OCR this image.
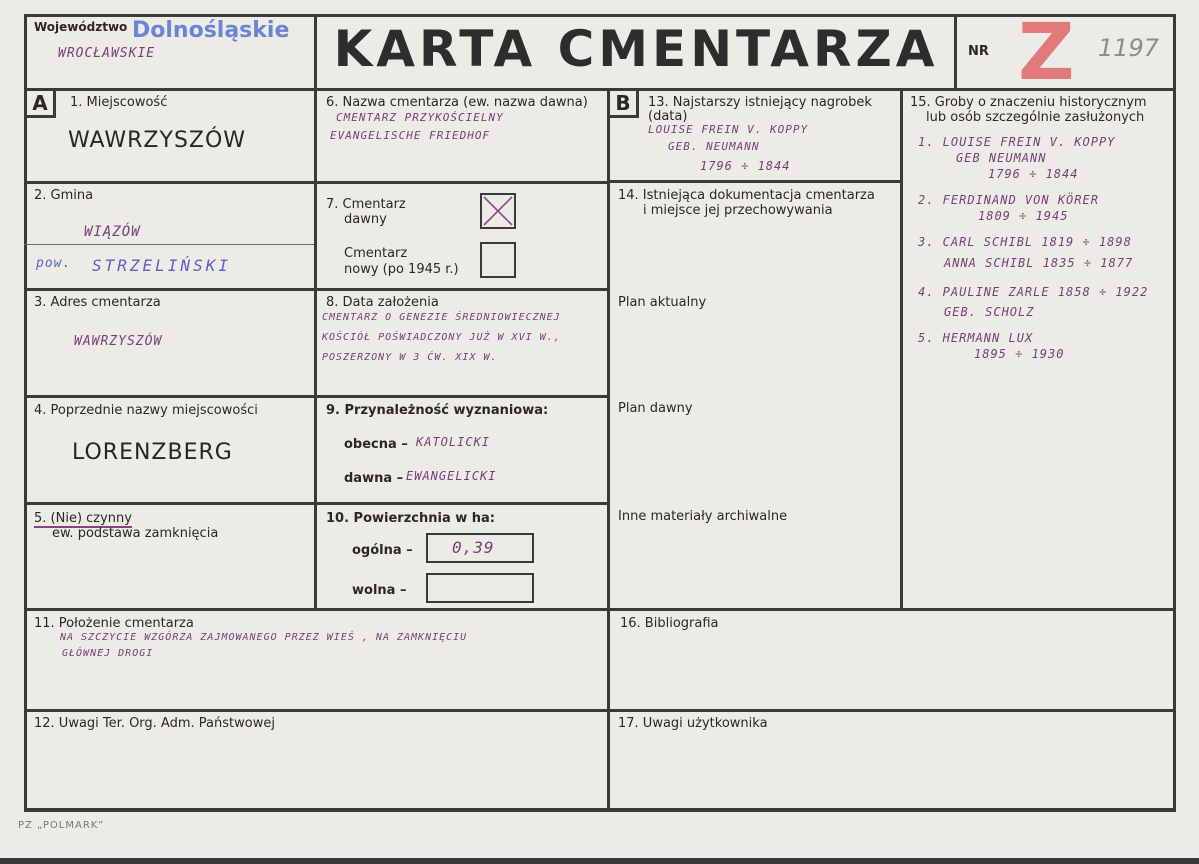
Województwo Dolnośląskie
WROCŁAWSKIE	KARTA CMENTARZA	NR Z 1197
A	1. Miejscowość
WAWRZYSZÓW
2. Gmina
WIĄZÓW
pow. STRZELIŃSKI
3. Adres cmentarza
WAWRZYSZÓW
4. Poprzednie nazwy miejscowości
LORENZBERG
5. (Nie) czynny
ew. podstawa zamknięcia
6. Nazwa cmentarza (ew. nazwa dawna)
CMENTARZ PRZYKOŚCIELNY
EVANGELISCHE FRIEDHOF
7. Cmentarz
dawny
Cmentarz
nowy (po 1945 r.)
8. Data założenia
CMENTARZ O GENEZIE ŚREDNIOWIECZNEJ
KOŚCIÓŁ POŚWIADCZONY JUŻ W XVI W.,
POSZERZONY W 3 ĆW. XIX W.
9. Przynależność wyznaniowa:
obecna – KATOLICKI
dawna – EWANGELICKI
10. Powierzchnia w ha:
ogólna – 0,39
wolna –
B	13. Najstarszy istniejący nagrobek
(data)
LOUISE FREIN V. KOPPY
GEB. NEUMANN
1796 ÷ 1844
14. Istniejąca dokumentacja cmentarza
i miejsce jej przechowywania
Plan aktualny
Plan dawny
Inne materiały archiwalne
15. Groby o znaczeniu historycznym
lub osób szczególnie zasłużonych
1. LOUISE FREIN V. KOPPY
GEB NEUMANN
1796 ÷ 1844
2. FERDINAND VON KÖRER
1809 ÷ 1945
3. CARL SCHIBL 1819 ÷ 1898
ANNA SCHIBL 1835 ÷ 1877
4. PAULINE ZARLE 1858 ÷ 1922
GEB. SCHOLZ
5. HERMANN LUX
1895 ÷ 1930
11. Położenie cmentarza
NA SZCZYCIE WZGÓRZA ZAJMOWANEGO PRZEZ WIEŚ , NA ZAMKNIĘCIU
GŁÓWNEJ DROGI
16. Bibliografia
12. Uwagi Ter. Org. Adm. Państwowej	17. Uwagi użytkownika
PZ „POLMARK”
